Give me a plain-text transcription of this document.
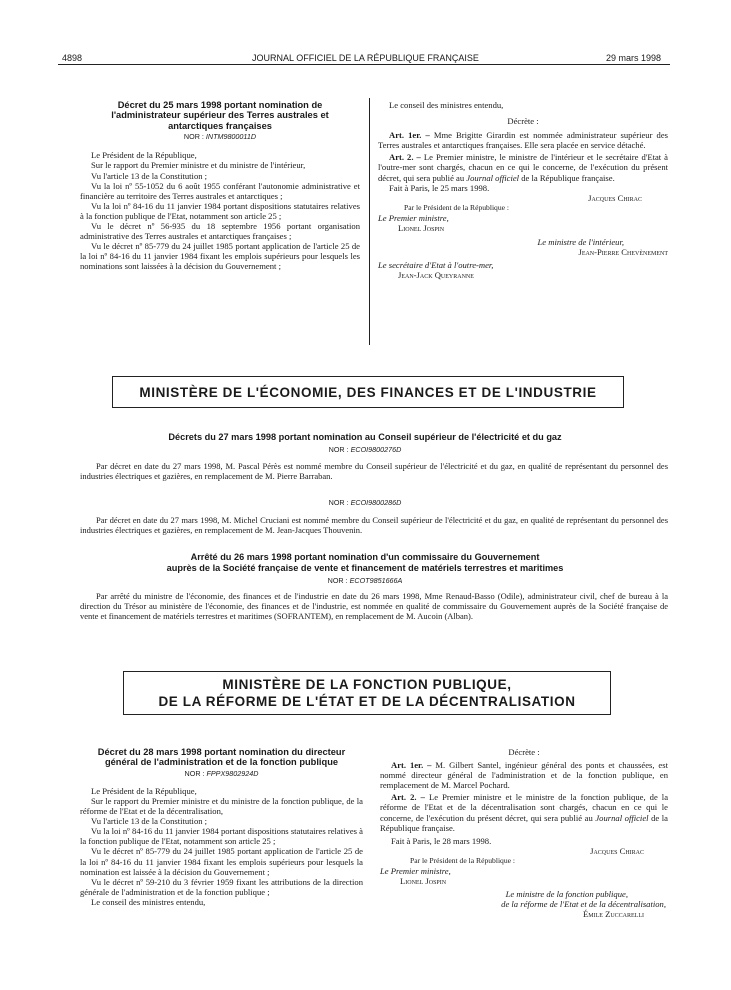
4898	JOURNAL OFFICIEL DE LA RÉPUBLIQUE FRANÇAISE	29 mars 1998
Décret du 25 mars 1998 portant nomination de l'administrateur supérieur des Terres australes et antarctiques françaises
NOR : INTM9800011D

Le Président de la République,

Sur le rapport du Premier ministre et du ministre de l'intérieur,

Vu l'article 13 de la Constitution ;

Vu la loi nº 55-1052 du 6 août 1955 conférant l'autonomie administrative et financière au territoire des Terres australes et antarctiques ;

Vu la loi nº 84-16 du 11 janvier 1984 portant dispositions statutaires relatives à la fonction publique de l'Etat, notamment son article 25 ;

Vu le décret nº 56-935 du 18 septembre 1956 portant organisation administrative des Terres australes et antarctiques françaises ;

Vu le décret nº 85-779 du 24 juillet 1985 portant application de l'article 25 de la loi nº 84-16 du 11 janvier 1984 fixant les emplois supérieurs pour lesquels les nominations sont laissées à la décision du Gouvernement ;

Le conseil des ministres entendu,

Décrète :

Art. 1er. – Mme Brigitte Girardin est nommée administrateur supérieur des Terres australes et antarctiques françaises. Elle sera placée en service détaché.

Art. 2. – Le Premier ministre, le ministre de l'intérieur et le secrétaire d'Etat à l'outre-mer sont chargés, chacun en ce qui le concerne, de l'exécution du présent décret, qui sera publié au Journal officiel de la République française.

Fait à Paris, le 25 mars 1998.

Jacques Chirac
Par le Président de la République :
Le Premier ministre,
Lionel Jospin
Le ministre de l'intérieur,
Jean-Pierre Chevènement
Le secrétaire d'Etat à l'outre-mer,
Jean-Jack Queyranne
MINISTÈRE DE L'ÉCONOMIE, DES FINANCES ET DE L'INDUSTRIE
Décrets du 27 mars 1998 portant nomination au Conseil supérieur de l'électricité et du gaz
NOR : ECOI9800276D
Par décret en date du 27 mars 1998, M. Pascal Pérès est nommé membre du Conseil supérieur de l'électricité et du gaz, en qualité de représentant du personnel des industries électriques et gazières, en remplacement de M. Pierre Barraban.
NOR : ECOI9800286D
Par décret en date du 27 mars 1998, M. Michel Cruciani est nommé membre du Conseil supérieur de l'électricité et du gaz, en qualité de représentant du personnel des industries électriques et gazières, en remplacement de M. Jean-Jacques Thouvenin.
Arrêté du 26 mars 1998 portant nomination d'un commissaire du Gouvernement
auprès de la Société française de vente et financement de matériels terrestres et maritimes
NOR : ECOT9851666A
Par arrêté du ministre de l'économie, des finances et de l'industrie en date du 26 mars 1998, Mme Renaud-Basso (Odile), administrateur civil, chef de bureau à la direction du Trésor au ministère de l'économie, des finances et de l'industrie, est nommée en qualité de commissaire du Gouvernement auprès de la Société française de vente et financement de matériels terrestres et maritimes (SOFRANTEM), en remplacement de M. Aucoin (Alban).
MINISTÈRE DE LA FONCTION PUBLIQUE,
DE LA RÉFORME DE L'ÉTAT ET DE LA DÉCENTRALISATION
Décret du 28 mars 1998 portant nomination du directeur général de l'administration et de la fonction publique
NOR : FPPX9802924D

Le Président de la République,

Sur le rapport du Premier ministre et du ministre de la fonction publique, de la réforme de l'Etat et de la décentralisation,

Vu l'article 13 de la Constitution ;

Vu la loi nº 84-16 du 11 janvier 1984 portant dispositions statutaires relatives à la fonction publique de l'Etat, notamment son article 25 ;

Vu le décret nº 85-779 du 24 juillet 1985 portant application de l'article 25 de la loi nº 84-16 du 11 janvier 1984 fixant les emplois supérieurs pour lesquels la nomination est laissée à la décision du Gouvernement ;

Vu le décret nº 59-210 du 3 février 1959 fixant les attributions de la direction générale de l'administration et de la fonction publique ;

Le conseil des ministres entendu,

Décrète :

Art. 1er. – M. Gilbert Santel, ingénieur général des ponts et chaussées, est nommé directeur général de l'administration et de la fonction publique, en remplacement de M. Marcel Pochard.

Art. 2. – Le Premier ministre et le ministre de la fonction publique, de la réforme de l'Etat et de la décentralisation sont chargés, chacun en ce qui le concerne, de l'exécution du présent décret, qui sera publié au Journal officiel de la République française.

Fait à Paris, le 28 mars 1998.

Jacques Chirac
Par le Président de la République :
Le Premier ministre,
Lionel Jospin
Le ministre de la fonction publique,
de la réforme de l'Etat et de la décentralisation,
Émile Zuccarelli
